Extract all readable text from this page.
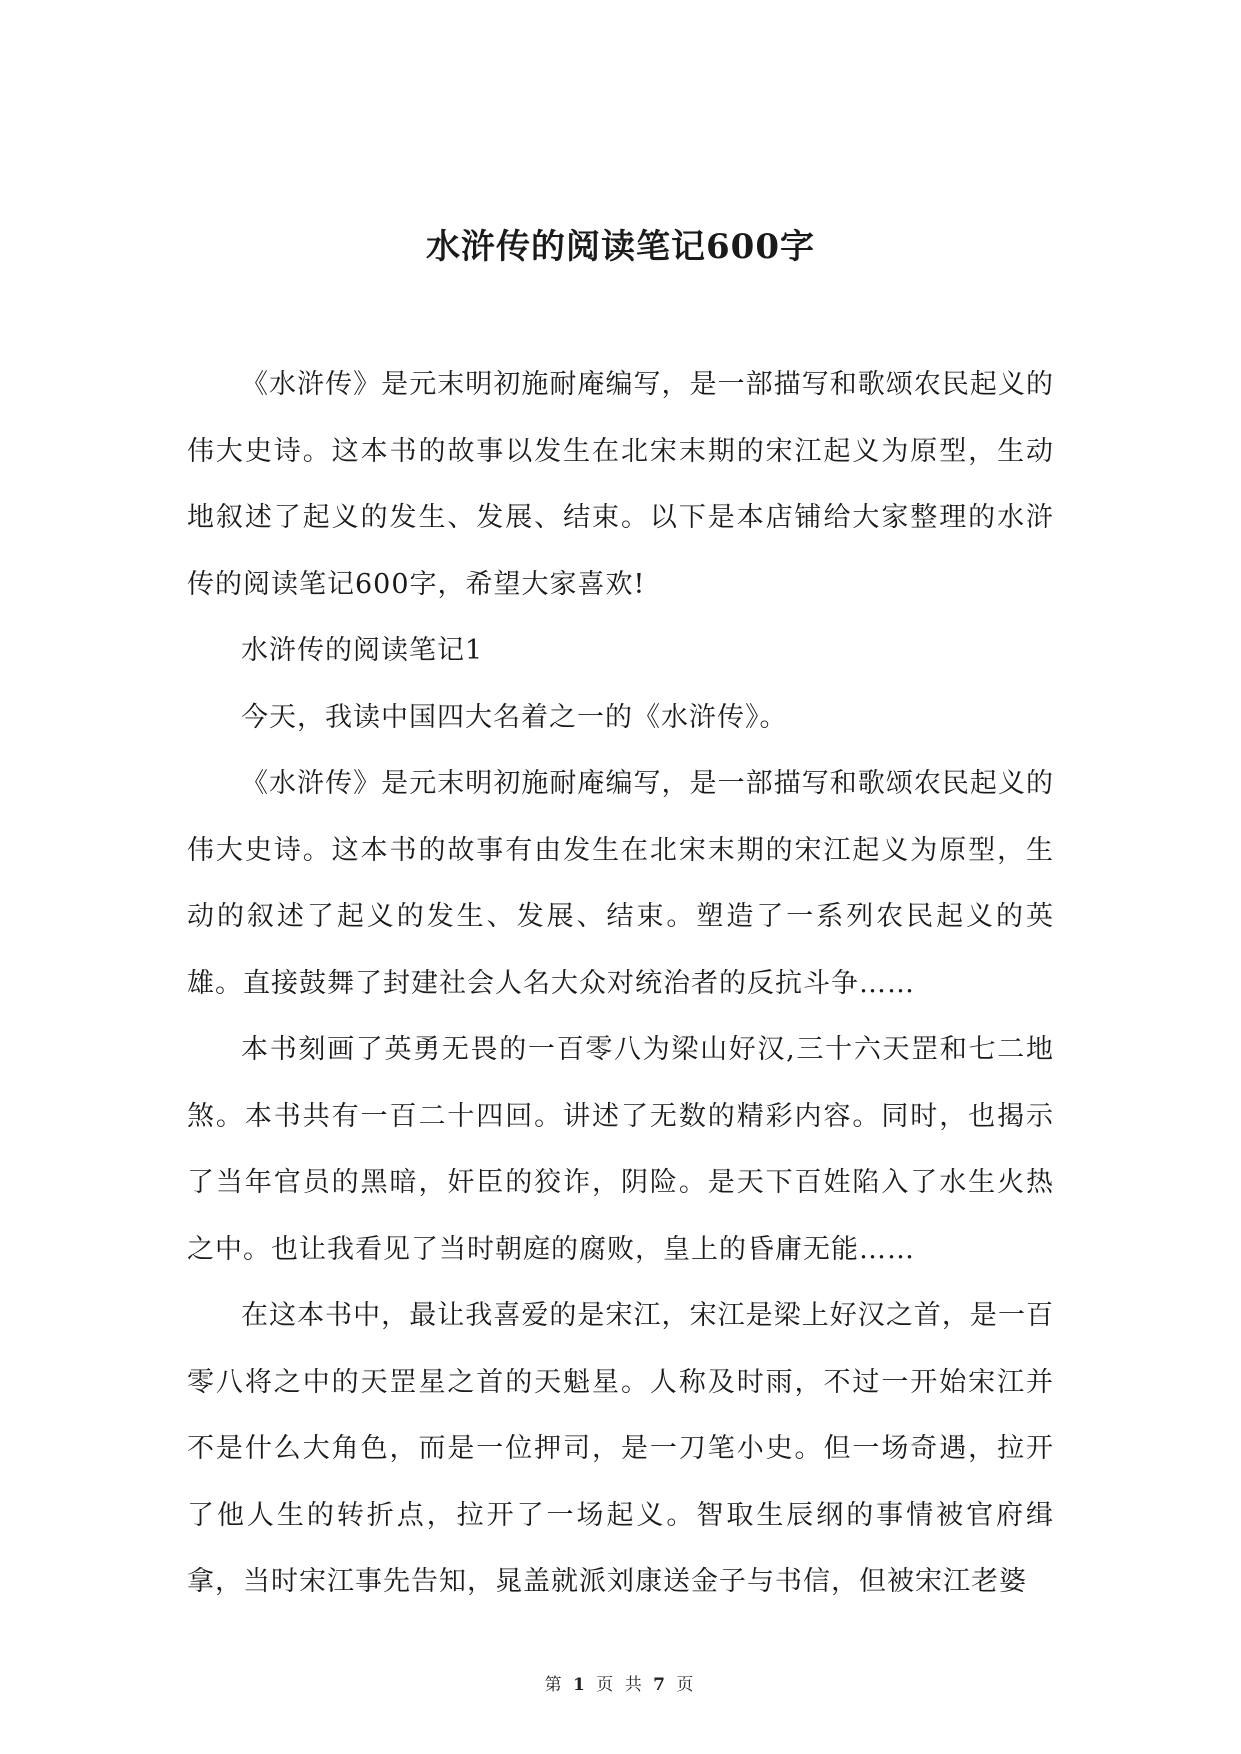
水浒传的阅读笔记600字

《水浒传》是元末明初施耐庵编写，是一部描写和歌颂农民起义的伟大史诗。这本书的故事以发生在北宋末期的宋江起义为原型，生动地叙述了起义的发生、发展、结束。以下是本店铺给大家整理的水浒传的阅读笔记600字，希望大家喜欢!

水浒传的阅读笔记1

今天，我读中国四大名着之一的《水浒传》。

《水浒传》是元末明初施耐庵编写，是一部描写和歌颂农民起义的伟大史诗。这本书的故事有由发生在北宋末期的宋江起义为原型，生动的叙述了起义的发生、发展、结束。塑造了一系列农民起义的英雄。直接鼓舞了封建社会人名大众对统治者的反抗斗争……

本书刻画了英勇无畏的一百零八为梁山好汉,三十六天罡和七二地煞。本书共有一百二十四回。讲述了无数的精彩内容。同时，也揭示了当年官员的黑暗，奸臣的狡诈，阴险。是天下百姓陷入了水生火热之中。也让我看见了当时朝庭的腐败，皇上的昏庸无能……

在这本书中，最让我喜爱的是宋江，宋江是梁上好汉之首，是一百零八将之中的天罡星之首的天魁星。人称及时雨，不过一开始宋江并不是什么大角色，而是一位押司，是一刀笔小史。但一场奇遇，拉开了他人生的转折点，拉开了一场起义。智取生辰纲的事情被官府缉拿，当时宋江事先告知，晁盖就派刘康送金子与书信，但被宋江老婆

第 1 页 共 7 页
